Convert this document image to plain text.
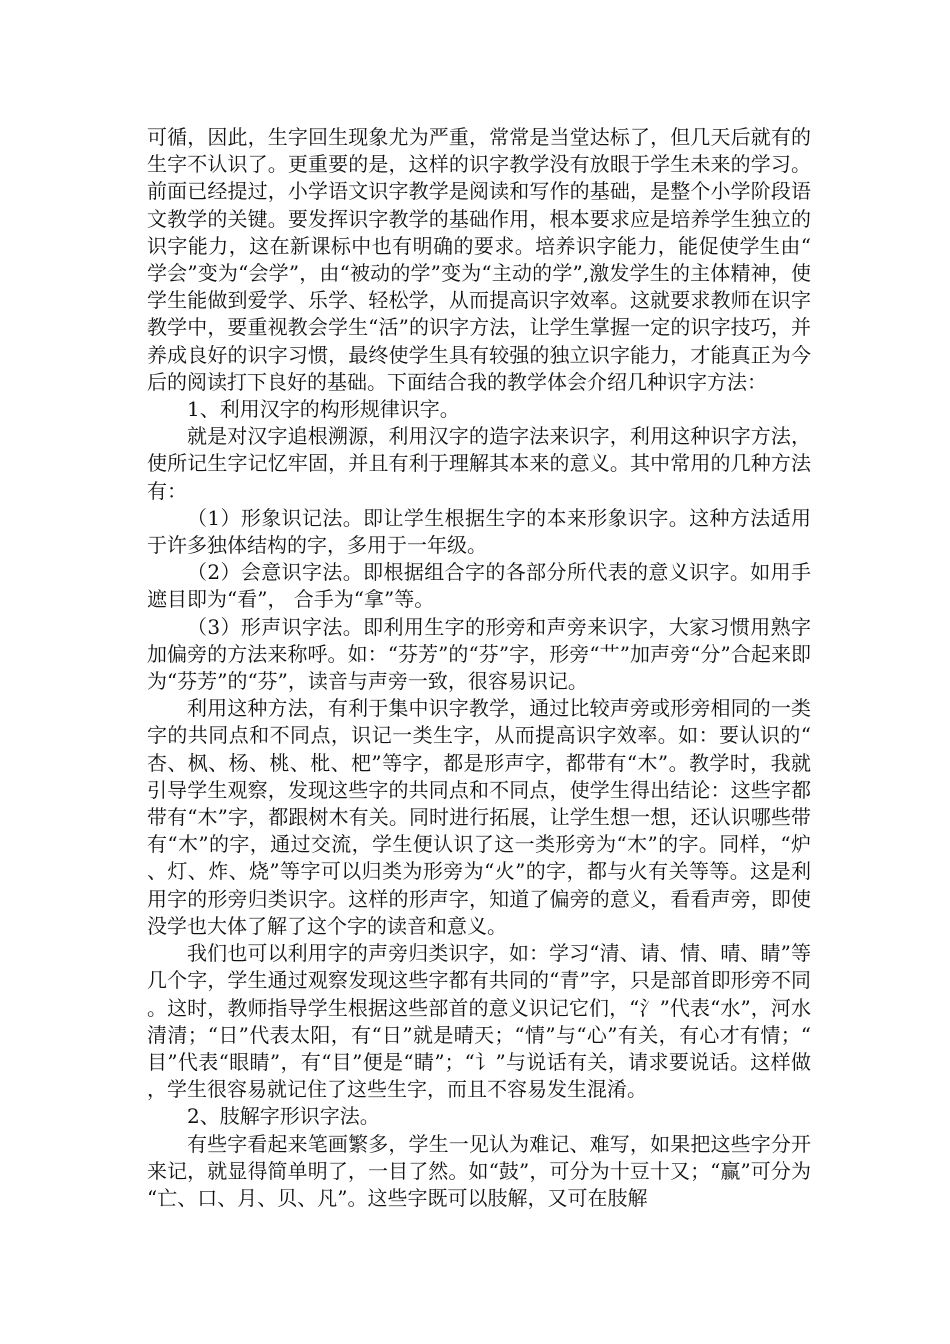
可循，因此，生字回生现象尤为严重，常常是当堂达标了，但几天后就有的生字不认识了。更重要的是，这样的识字教学没有放眼于学生未来的学习。前面已经提过，小学语文识字教学是阅读和写作的基础，是整个小学阶段语文教学的关键。要发挥识字教学的基础作用，根本要求应是培养学生独立的识字能力，这在新课标中也有明确的要求。培养识字能力，能促使学生由“学会”变为“会学”，由“被动的学”变为“主动的学”,激发学生的主体精神，使学生能做到爱学、乐学、轻松学，从而提高识字效率。这就要求教师在识字教学中，要重视教会学生“活”的识字方法，让学生掌握一定的识字技巧，并养成良好的识字习惯，最终使学生具有较强的独立识字能力，才能真正为今后的阅读打下良好的基础。下面结合我的教学体会介绍几种识字方法：

1、利用汉字的构形规律识字。

就是对汉字追根溯源，利用汉字的造字法来识字，利用这种识字方法，使所记生字记忆牢固，并且有利于理解其本来的意义。其中常用的几种方法有：

（1）形象识记法。即让学生根据生字的本来形象识字。这种方法适用于许多独体结构的字，多用于一年级。

（2）会意识字法。即根据组合字的各部分所代表的意义识字。如用手遮目即为“看”， 合手为“拿”等。

（3）形声识字法。即利用生字的形旁和声旁来识字，大家习惯用熟字加偏旁的方法来称呼。如：“芬芳”的“芬”字，形旁“艹”加声旁“分”合起来即为“芬芳”的“芬”，读音与声旁一致，很容易识记。

利用这种方法，有利于集中识字教学，通过比较声旁或形旁相同的一类字的共同点和不同点，识记一类生字，从而提高识字效率。如：要认识的“杏、枫、杨、桃、枇、杷”等字，都是形声字，都带有“木”。教学时，我就引导学生观察，发现这些字的共同点和不同点，使学生得出结论：这些字都带有“木”字，都跟树木有关。同时进行拓展，让学生想一想，还认识哪些带有“木”的字，通过交流，学生便认识了这一类形旁为“木”的字。同样，“炉、灯、炸、烧”等字可以归类为形旁为“火”的字，都与火有关等等。这是利用字的形旁归类识字。这样的形声字，知道了偏旁的意义，看看声旁，即使没学也大体了解了这个字的读音和意义。

我们也可以利用字的声旁归类识字，如：学习“清、请、情、晴、睛”等几个字，学生通过观察发现这些字都有共同的“青”字，只是部首即形旁不同。这时，教师指导学生根据这些部首的意义识记它们，“氵”代表“水”，河水清清；“日”代表太阳，有“日”就是晴天；“情”与“心”有关，有心才有情；“目”代表“眼睛”，有“目”便是“睛”；“讠”与说话有关，请求要说话。这样做，学生很容易就记住了这些生字，而且不容易发生混淆。

2、肢解字形识字法。

有些字看起来笔画繁多，学生一见认为难记、难写，如果把这些字分开来记，就显得简单明了，一目了然。如“鼓”，可分为十豆十又；“赢”可分为“亡、口、月、贝、凡”。这些字既可以肢解，又可在肢解
